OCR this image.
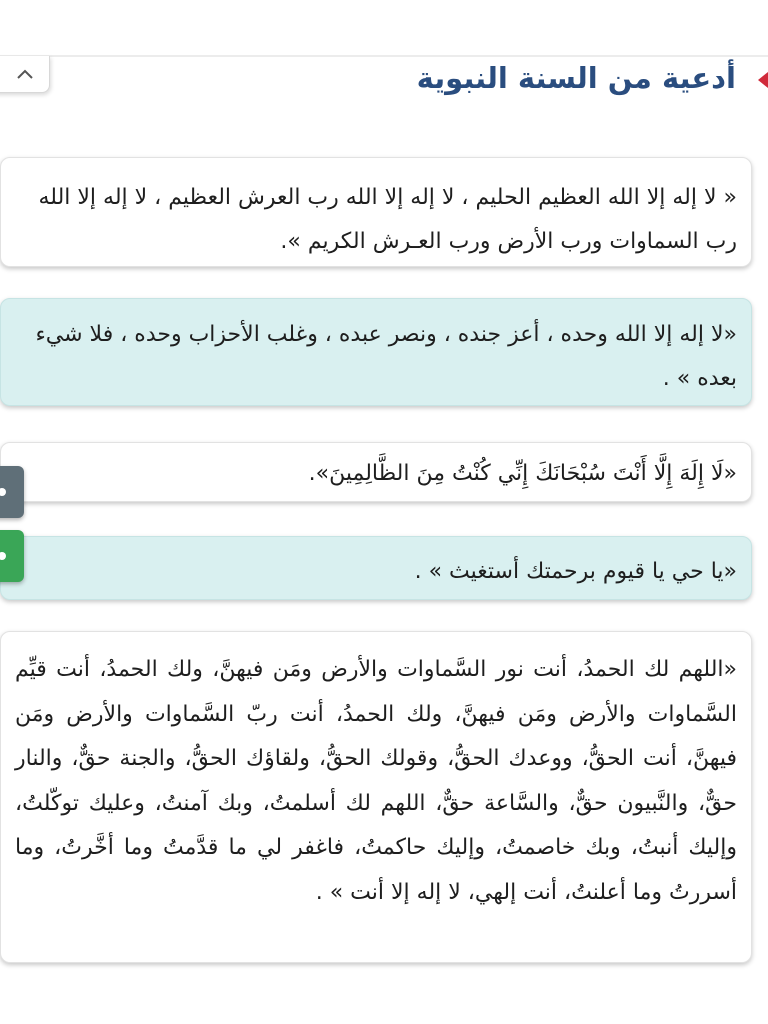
أدعية من السنة النبوية

« لا إله إلا الله العظيم الحليم ، لا إله إلا الله رب العرش العظيم ، لا إله إلا الله رب السماوات ورب الأرض ورب العـرش الكريم ».

«لا إله إلا الله وحده ، أعز جنده ، ونصر عبده ، وغلب الأحزاب وحده ، فلا شيء بعده » .

«لَا إِلَهَ إِلَّا أَنْتَ سُبْحَانَكَ إِنِّي كُنْتُ مِنَ الظَّالِمِينَ».

«يا حي يا قيوم برحمتك أستغيث » .

«اللهم لك الحمدُ، أنت نور السَّماوات والأرض ومَن فيهنَّ، ولك الحمدُ، أنت قيِّم السَّماوات والأرض ومَن فيهنَّ، ولك الحمدُ، أنت ربّ السَّماوات والأرض ومَن فيهنَّ، أنت الحقُّ، ووعدك الحقُّ، وقولك الحقُّ، ولقاؤك الحقُّ، والجنة حقٌّ، والنار حقٌّ، والنَّبيون حقٌّ، والسَّاعة حقٌّ، اللهم لك أسلمتُ، وبك آمنتُ، وعليك توكّلتُ، وإليك أنبتُ، وبك خاصمتُ، وإليك حاكمتُ، فاغفر لي ما قدَّمتُ وما أخَّرتُ، وما أسررتُ وما أعلنتُ، أنت إلهي، لا إله إلا أنت » .
